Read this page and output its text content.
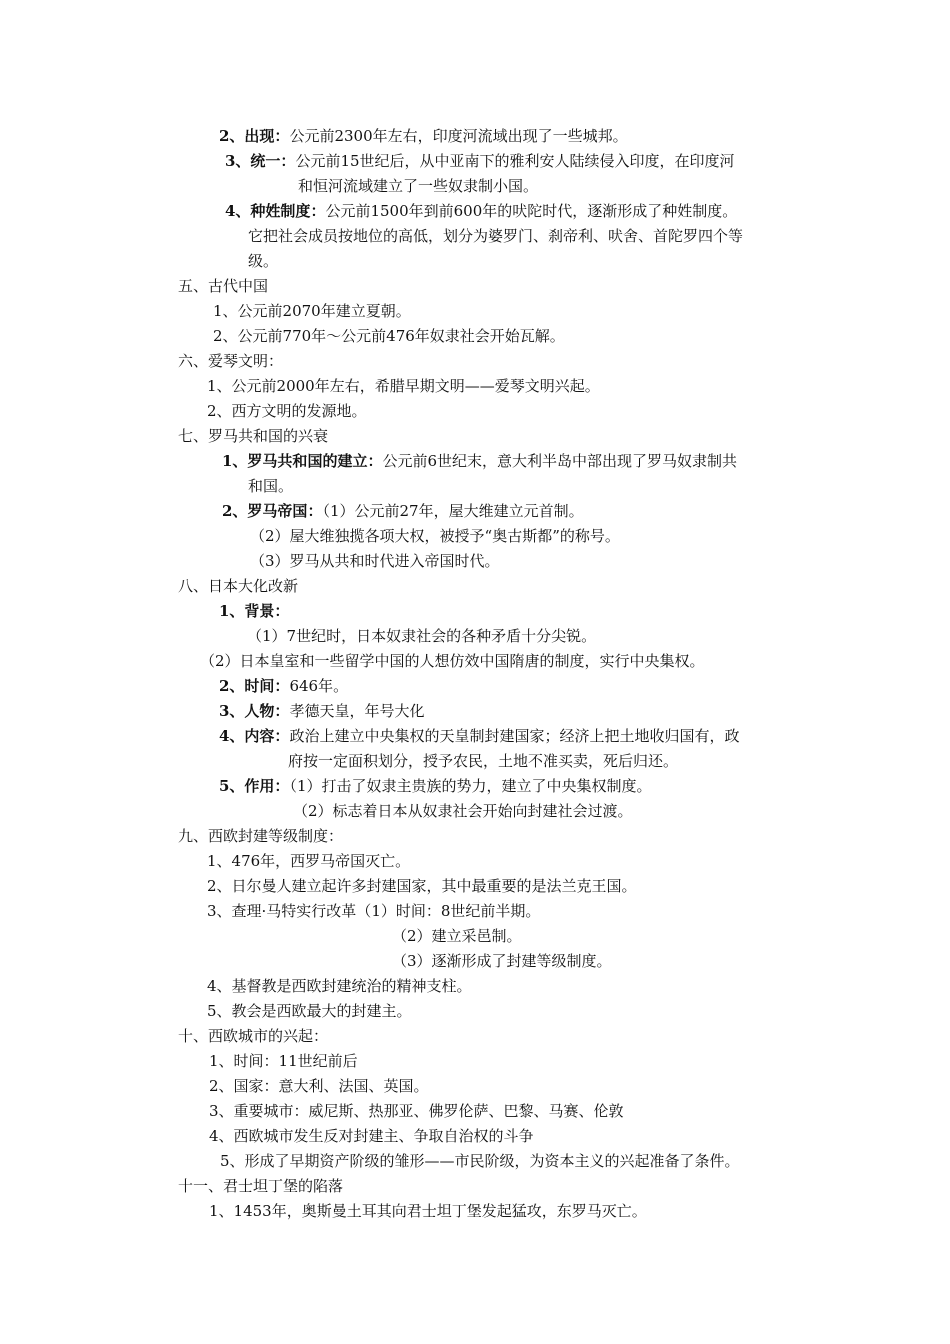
2、出现：公元前2300年左右，印度河流域出现了一些城邦。
3、统一：公元前15世纪后，从中亚南下的雅利安人陆续侵入印度，在印度河
和恒河流域建立了一些奴隶制小国。
4、种姓制度：公元前1500年到前600年的吠陀时代，逐渐形成了种姓制度。
它把社会成员按地位的高低，划分为婆罗门、刹帝利、吠舍、首陀罗四个等
级。
五、古代中国
1、公元前2070年建立夏朝。
2、公元前770年～公元前476年奴隶社会开始瓦解。
六、爱琴文明：
1、公元前2000年左右，希腊早期文明——爱琴文明兴起。
2、西方文明的发源地。
七、罗马共和国的兴衰
1、罗马共和国的建立：公元前6世纪末，意大利半岛中部出现了罗马奴隶制共
和国。
2、罗马帝国：（1）公元前27年，屋大维建立元首制。
（2）屋大维独揽各项大权，被授予“奥古斯都”的称号。
（3）罗马从共和时代进入帝国时代。
八、日本大化改新
1、背景：
（1）7世纪时，日本奴隶社会的各种矛盾十分尖锐。
（2）日本皇室和一些留学中国的人想仿效中国隋唐的制度，实行中央集权。
2、时间：646年。
3、人物：孝德天皇，年号大化
4、内容：政治上建立中央集权的天皇制封建国家；经济上把土地收归国有，政
府按一定面积划分，授予农民，土地不准买卖，死后归还。
5、作用：（1）打击了奴隶主贵族的势力，建立了中央集权制度。
（2）标志着日本从奴隶社会开始向封建社会过渡。
九、西欧封建等级制度：
1、476年，西罗马帝国灭亡。
2、日尔曼人建立起许多封建国家，其中最重要的是法兰克王国。
3、查理·马特实行改革（1）时间：8世纪前半期。
（2）建立采邑制。
（3）逐渐形成了封建等级制度。
4、基督教是西欧封建统治的精神支柱。
5、教会是西欧最大的封建主。
十、西欧城市的兴起：
1、时间：11世纪前后
2、国家：意大利、法国、英国。
3、重要城市：威尼斯、热那亚、佛罗伦萨、巴黎、马赛、伦敦
4、西欧城市发生反对封建主、争取自治权的斗争
5、形成了早期资产阶级的雏形——市民阶级，为资本主义的兴起准备了条件。
十一、君士坦丁堡的陷落
1、1453年，奥斯曼土耳其向君士坦丁堡发起猛攻，东罗马灭亡。
